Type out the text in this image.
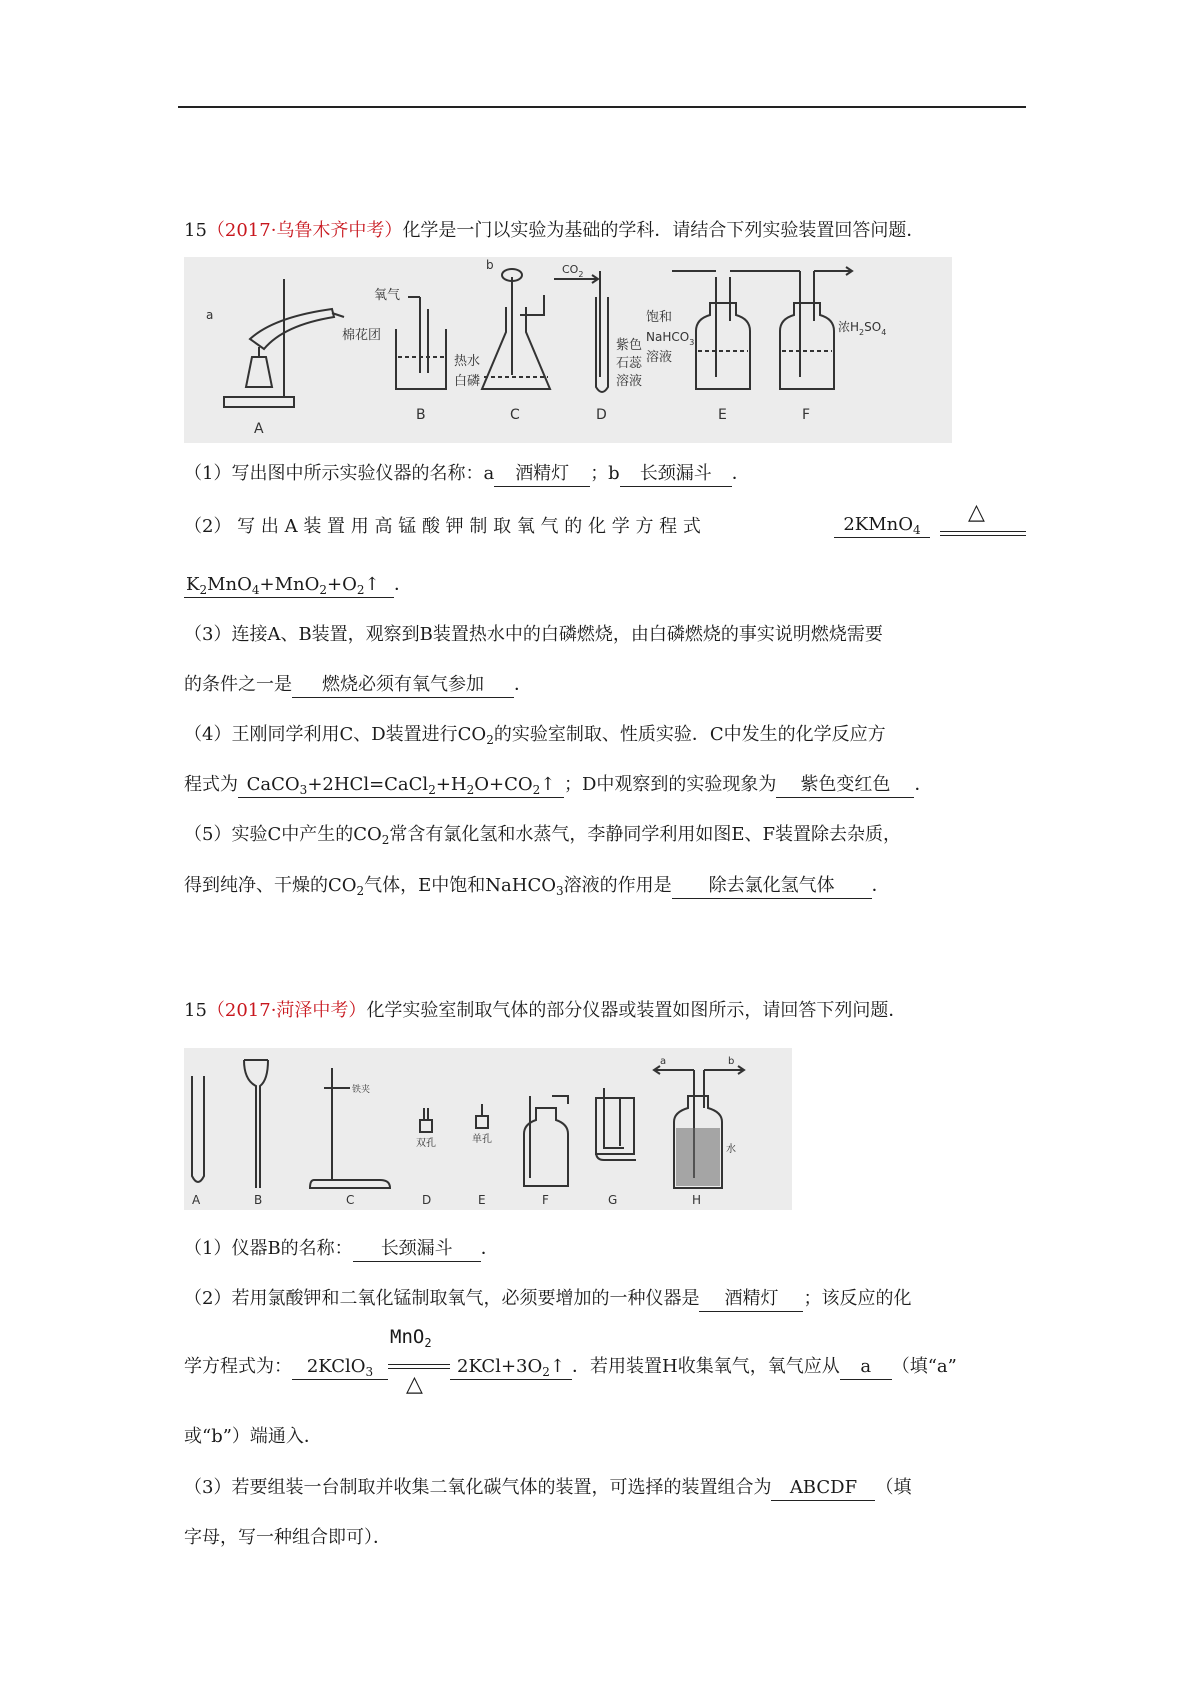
15（2017·乌鲁木齐中考）化学是一门以实验为基础的学科．请结合下列实验装置回答问题．
a
棉花团
氧气
热水
白磷
b	$CO_2$
紫色
石蕊
溶液
饱和
NaHCO$_3$
溶液
浓$H_2SO_4$
A
B	C	D	E	F
（1）写出图中所示实验仪器的名称：a 酒精灯 ；b 长颈漏斗 ．
（2） 写 出 A 装 置 用 高 锰 酸 钾 制 取 氧 气 的 化 学 方 程 式	2KMnO$_4$
△
$K_2MnO_4+MnO_2+O_2↑$ ．
（3）连接A、B装置，观察到B装置热水中的白磷燃烧，由白磷燃烧的事实说明燃烧需要
的条件之一是 燃烧必须有氧气参加 ．
（4）王刚同学利用C、D装置进行$CO_2$的实验室制取、性质实验．C中发生的化学反应方
程式为 $CaCO_3+2HCl=CaCl_2+H_2O+CO_2↑$ ；D中观察到的实验现象为 紫色变红色 ．
（5）实验C中产生的$CO_2$常含有氯化氢和水蒸气，李静同学利用如图E、F装置除去杂质，
得到纯净、干燥的$CO_2$气体，E中饱和NaHCO$_3$溶液的作用是 除去氯化氢气体 ．
15（2017·菏泽中考）化学实验室制取气体的部分仪器或装置如图所示，请回答下列问题．
铁夹
双孔	单孔
a	b
水
A	B	C	D	E	F	G	H
（1）仪器B的名称： 长颈漏斗 ．
（2）若用氯酸钾和二氧化锰制取氧气，必须要增加的一种仪器是 酒精灯 ；该反应的化
学方程式为： 2KClO$_3$ $\frac{MnO_2}{\triangle}$ $2KCl+3O_2↑$ ．若用装置H收集氧气，氧气应从 a （填“a”
或“b”）端通入．
（3）若要组装一台制取并收集二氧化碳气体的装置，可选择的装置组合为 ABCDF （填
字母，写一种组合即可）．
